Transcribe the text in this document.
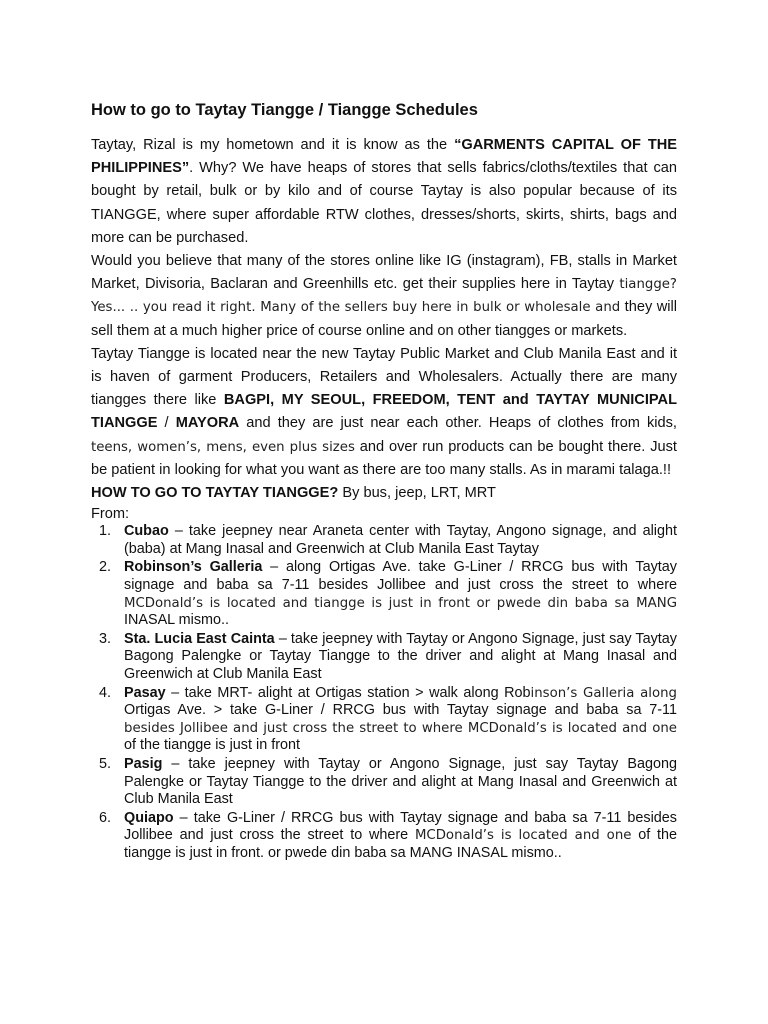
How to go to Taytay Tiangge / Tiangge Schedules

Taytay, Rizal is my hometown and it is know as the “GARMENTS CAPITAL OF THE PHILIPPINES”. Why? We have heaps of stores that sells fabrics/cloths/textiles that can bought by retail, bulk or by kilo and of course Taytay is also popular because of its TIANGGE, where super affordable RTW clothes, dresses/shorts, skirts, shirts, bags and more can be purchased.

Would you believe that many of the stores online like IG (instagram), FB, stalls in Market Market, Divisoria, Baclaran and Greenhills etc. get their supplies here in Taytay tiangge? Yes... .. you read it right. Many of the sellers buy here in bulk or wholesale and they will sell them at a much higher price of course online and on other tiangges or markets.

Taytay Tiangge is located near the new Taytay Public Market and Club Manila East and it is haven of garment Producers, Retailers and Wholesalers. Actually there are many tiangges there like BAGPI, MY SEOUL, FREEDOM, TENT and TAYTAY MUNICIPAL TIANGGE / MAYORA and they are just near each other. Heaps of clothes from kids, teens, women’s, mens, even plus sizes and over run products can be bought there. Just be patient in looking for what you want as there are too many stalls. As in marami talaga.!!

HOW TO GO TO TAYTAY TIANGGE? By bus, jeep, LRT, MRT

From:

1. Cubao – take jeepney near Araneta center with Taytay, Angono signage, and alight (baba) at Mang Inasal and Greenwich at Club Manila East Taytay
2. Robinson’s Galleria – along Ortigas Ave. take G-Liner / RRCG bus with Taytay signage and baba sa 7-11 besides Jollibee and just cross the street to where MCDonald’s is located and tiangge is just in front or pwede din baba sa MANG INASAL mismo..
3. Sta. Lucia East Cainta – take jeepney with Taytay or Angono Signage, just say Taytay Bagong Palengke or Taytay Tiangge to the driver and alight at Mang Inasal and Greenwich at Club Manila East
4. Pasay – take MRT- alight at Ortigas station > walk along Robinson’s Galleria along Ortigas Ave. > take G-Liner / RRCG bus with Taytay signage and baba sa 7-11 besides Jollibee and just cross the street to where MCDonald’s is located and one of the tiangge is just in front
5. Pasig – take jeepney with Taytay or Angono Signage, just say Taytay Bagong Palengke or Taytay Tiangge to the driver and alight at Mang Inasal and Greenwich at Club Manila East
6. Quiapo – take G-Liner / RRCG bus with Taytay signage and baba sa 7-11 besides Jollibee and just cross the street to where MCDonald’s is located and one of the tiangge is just in front. or pwede din baba sa MANG INASAL mismo..
